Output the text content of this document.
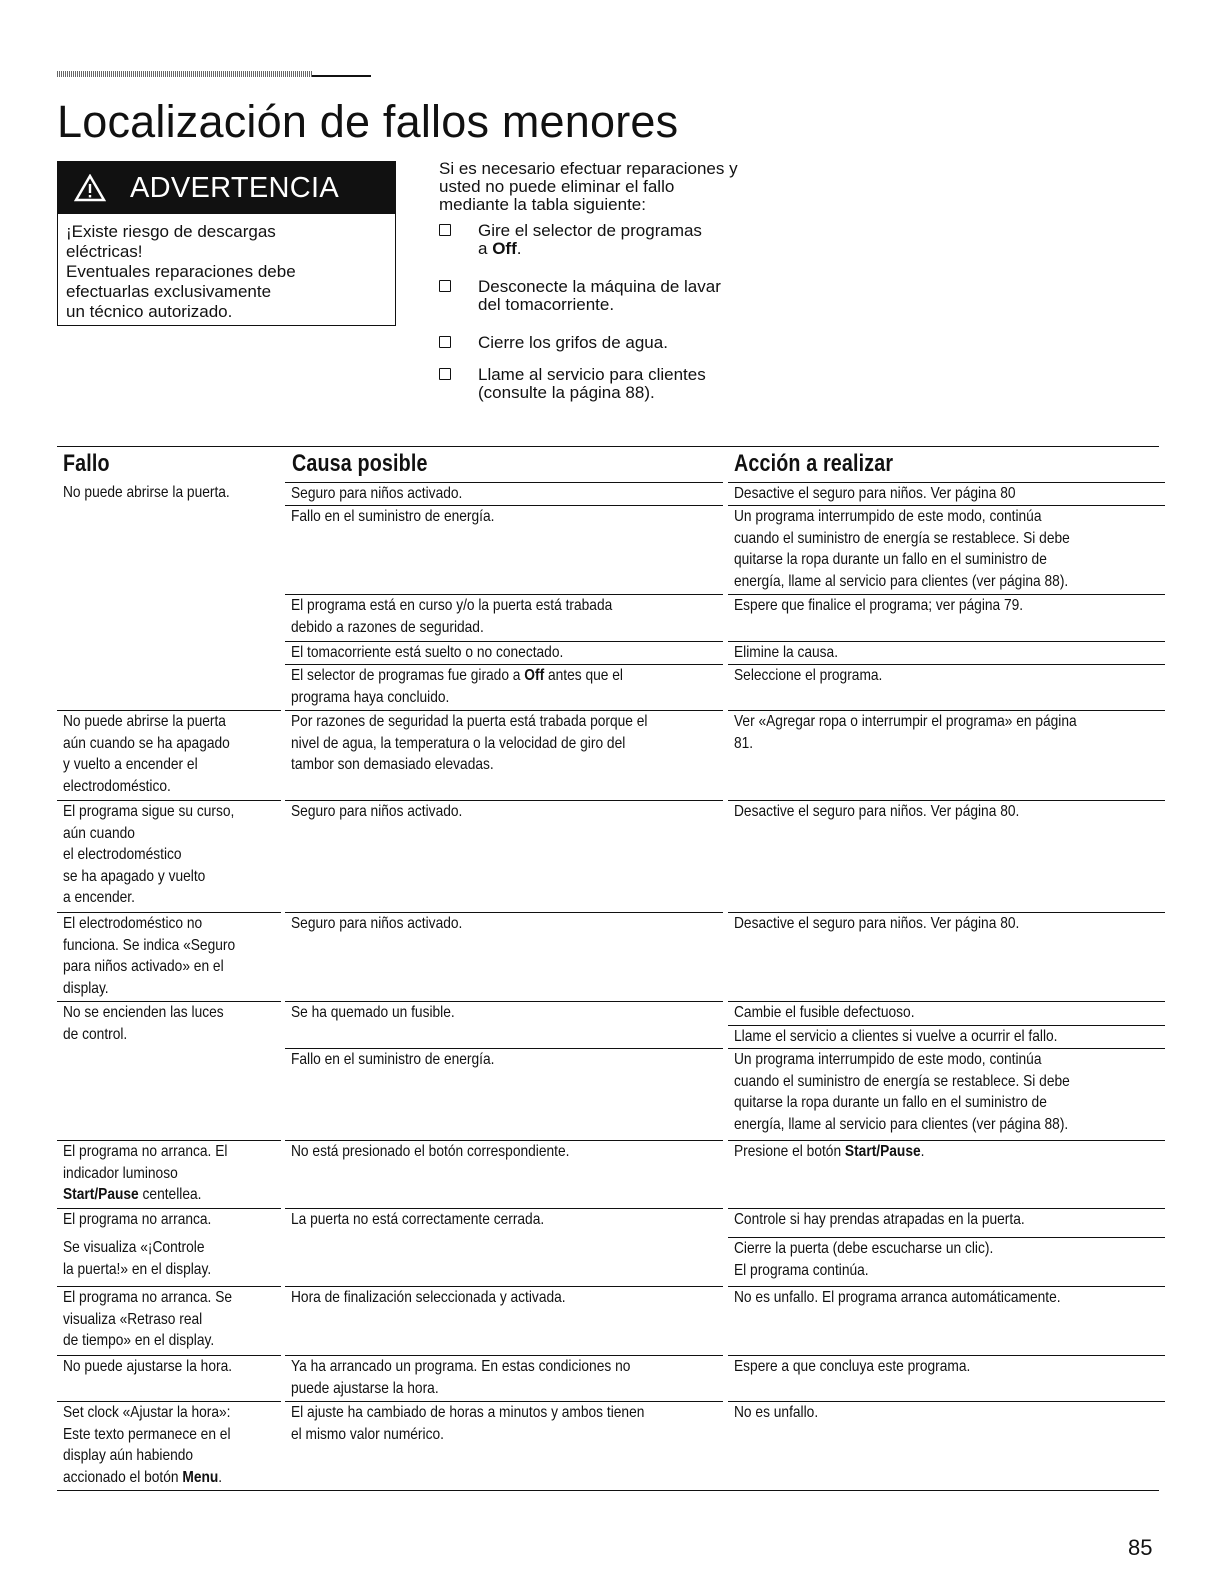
Localización de fallos menores
ADVERTENCIA
¡Existe riesgo de descargas
eléctricas!
Eventuales reparaciones debe
efectuarlas exclusivamente
un técnico autorizado.
Si es necesario efectuar reparaciones y
usted no puede eliminar el fallo
mediante la tabla siguiente:
Gire el selector de programas
a Off.
Desconecte la máquina de lavar
del tomacorriente.
Cierre los grifos de agua.
Llame al servicio para clientes
(consulte la página 88).
Fallo	Causa posible	Acción a realizar
No puede abrirse la puerta.
No puede abrirse la puerta
aún cuando se ha apagado
y vuelto a encender el
electrodoméstico.
El programa sigue su curso,
aún cuando
el electrodoméstico
se ha apagado y vuelto
a encender.
El electrodoméstico no
funciona. Se indica «Seguro
para niños activado» en el
display.
No se encienden las luces
de control.
El programa no arranca. El
indicador luminoso
Start/Pause centellea.
El programa no arranca.
Se visualiza «¡Controle
la puerta!» en el display.
El programa no arranca. Se
visualiza «Retraso real
de tiempo» en el display.
No puede ajustarse la hora.
Set clock «Ajustar la hora»:
Este texto permanece en el
display aún habiendo
accionado el botón Menu.
Seguro para niños activado.
Fallo en el suministro de energía.
El programa está en curso y/o la puerta está trabada
debido a razones de seguridad.
El tomacorriente está suelto o no conectado.
El selector de programas fue girado a Off antes que el
programa haya concluido.
Por razones de seguridad la puerta está trabada porque el
nivel de agua, la temperatura o la velocidad de giro del
tambor son demasiado elevadas.
Seguro para niños activado.
Seguro para niños activado.
Se ha quemado un fusible.
Fallo en el suministro de energía.
No está presionado el botón correspondiente.
La puerta no está correctamente cerrada.
Hora de finalización seleccionada y activada.
Ya ha arrancado un programa. En estas condiciones no
puede ajustarse la hora.
El ajuste ha cambiado de horas a minutos y ambos tienen
el mismo valor numérico.
Desactive el seguro para niños. Ver página 80
Un programa interrumpido de este modo, continúa
cuando el suministro de energía se restablece. Si debe
quitarse la ropa durante un fallo en el suministro de
energía, llame al servicio para clientes (ver página 88).
Espere que finalice el programa; ver página 79.
Elimine la causa.
Seleccione el programa.
Ver «Agregar ropa o interrumpir el programa» en página
81.
Desactive el seguro para niños. Ver página 80.
Desactive el seguro para niños. Ver página 80.
Cambie el fusible defectuoso.
Llame el servicio a clientes si vuelve a ocurrir el fallo.
Un programa interrumpido de este modo, continúa
cuando el suministro de energía se restablece. Si debe
quitarse la ropa durante un fallo en el suministro de
energía, llame al servicio para clientes (ver página 88).
Presione el botón Start/Pause.
Controle si hay prendas atrapadas en la puerta.
Cierre la puerta (debe escucharse un clic).
El programa continúa.
No es unfallo. El programa arranca automáticamente.
Espere a que concluya este programa.
No es unfallo.
85
